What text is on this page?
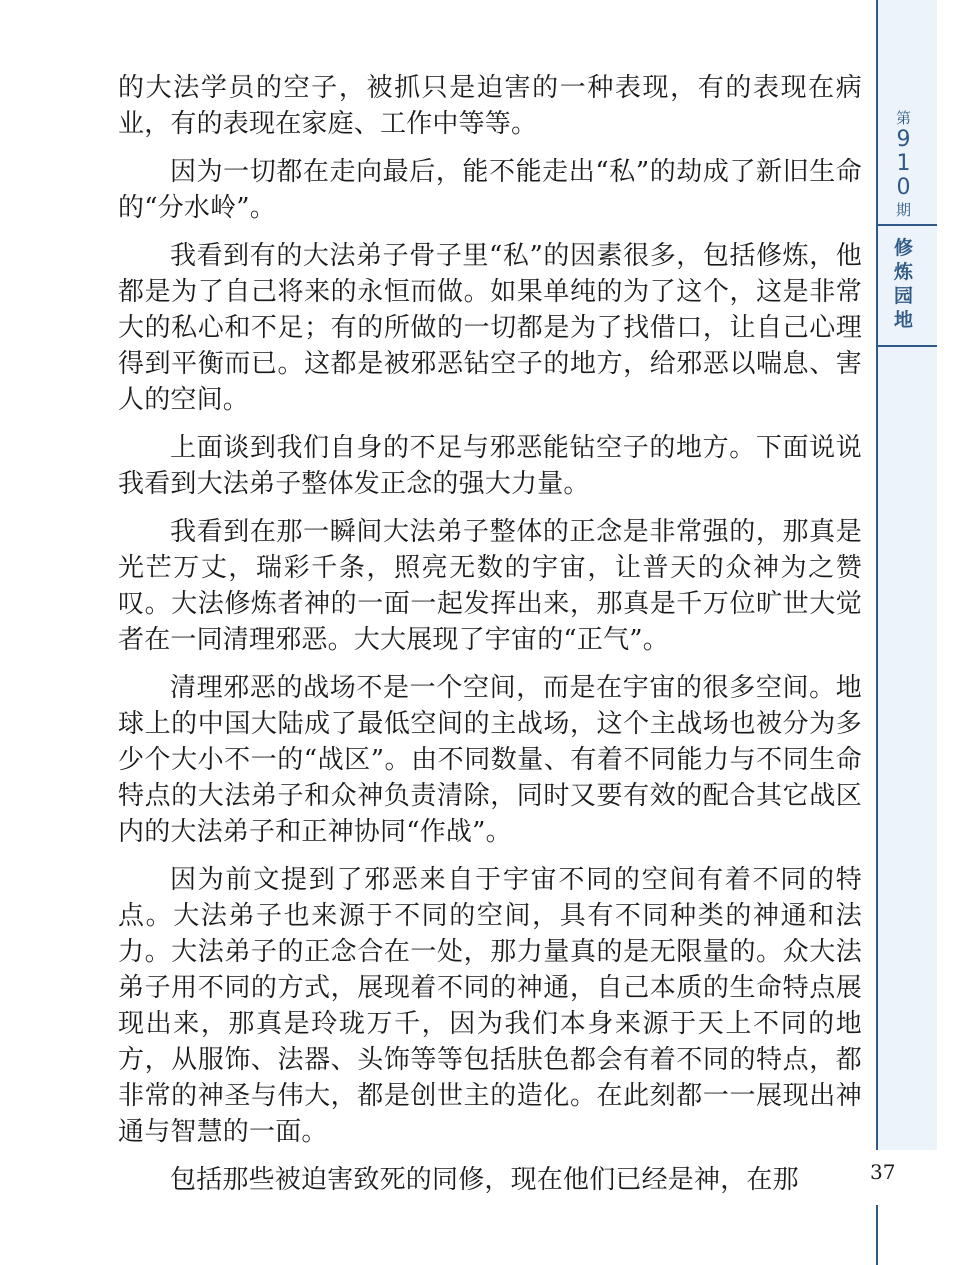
第
9
1
0
期
修
炼
园
地

的大法学员的空子，被抓只是迫害的一种表现，有的表现在病业，有的表现在家庭、工作中等等。

因为一切都在走向最后，能不能走出“私”的劫成了新旧生命的“分水岭”。

我看到有的大法弟子骨子里“私”的因素很多，包括修炼，他都是为了自己将来的永恒而做。如果单纯的为了这个，这是非常大的私心和不足；有的所做的一切都是为了找借口，让自己心理得到平衡而已。这都是被邪恶钻空子的地方，给邪恶以喘息、害人的空间。

上面谈到我们自身的不足与邪恶能钻空子的地方。下面说说我看到大法弟子整体发正念的强大力量。

我看到在那一瞬间大法弟子整体的正念是非常强的，那真是光芒万丈，瑞彩千条，照亮无数的宇宙，让普天的众神为之赞叹。大法修炼者神的一面一起发挥出来，那真是千万位旷世大觉者在一同清理邪恶。大大展现了宇宙的“正气”。

清理邪恶的战场不是一个空间，而是在宇宙的很多空间。地球上的中国大陆成了最低空间的主战场，这个主战场也被分为多少个大小不一的“战区”。由不同数量、有着不同能力与不同生命特点的大法弟子和众神负责清除，同时又要有效的配合其它战区内的大法弟子和正神协同“作战”。

因为前文提到了邪恶来自于宇宙不同的空间有着不同的特点。大法弟子也来源于不同的空间，具有不同种类的神通和法力。大法弟子的正念合在一处，那力量真的是无限量的。众大法弟子用不同的方式，展现着不同的神通，自己本质的生命特点展现出来，那真是玲珑万千，因为我们本身来源于天上不同的地方，从服饰、法器、头饰等等包括肤色都会有着不同的特点，都非常的神圣与伟大，都是创世主的造化。在此刻都一一展现出神通与智慧的一面。

包括那些被迫害致死的同修，现在他们已经是神，在那	37
